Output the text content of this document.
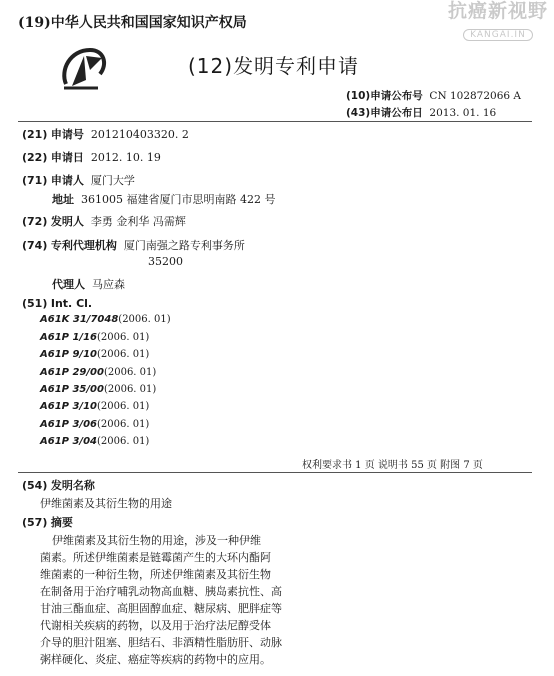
(19)中华人民共和国国家知识产权局
抗癌新视野
KANGAI.IN
(12)发明专利申请
(10)申请公布号 CN 102872066 A
(43)申请公布日 2013. 01. 16
(21) 申请号 201210403320. 2
(22) 申请日 2012. 10. 19
(71) 申请人 厦门大学
地址 361005 福建省厦门市思明南路 422 号
(72) 发明人 李勇 金利华 冯需辉
(74) 专利代理机构 厦门南强之路专利事务所
35200
代理人 马应森
(51) Int. Cl.
A61K 31/7048(2006. 01)
A61P 1/16(2006. 01)
A61P 9/10(2006. 01)
A61P 29/00(2006. 01)
A61P 35/00(2006. 01)
A61P 3/10(2006. 01)
A61P 3/06(2006. 01)
A61P 3/04(2006. 01)
权利要求书 1 页 说明书 55 页 附图 7 页
(54) 发明名称
伊维菌素及其衍生物的用途
(57) 摘要
伊维菌素及其衍生物的用途，涉及一种伊维
菌素。所述伊维菌素是链霉菌产生的大环内酯阿
维菌素的一种衍生物，所述伊维菌素及其衍生物
在制备用于治疗哺乳动物高血糖、胰岛素抗性、高
甘油三酯血症、高胆固醇血症、糖尿病、肥胖症等
代谢相关疾病的药物，以及用于治疗法尼醇受体
介导的胆汁阻塞、胆结石、非酒精性脂肪肝、动脉
粥样硬化、炎症、癌症等疾病的药物中的应用。
